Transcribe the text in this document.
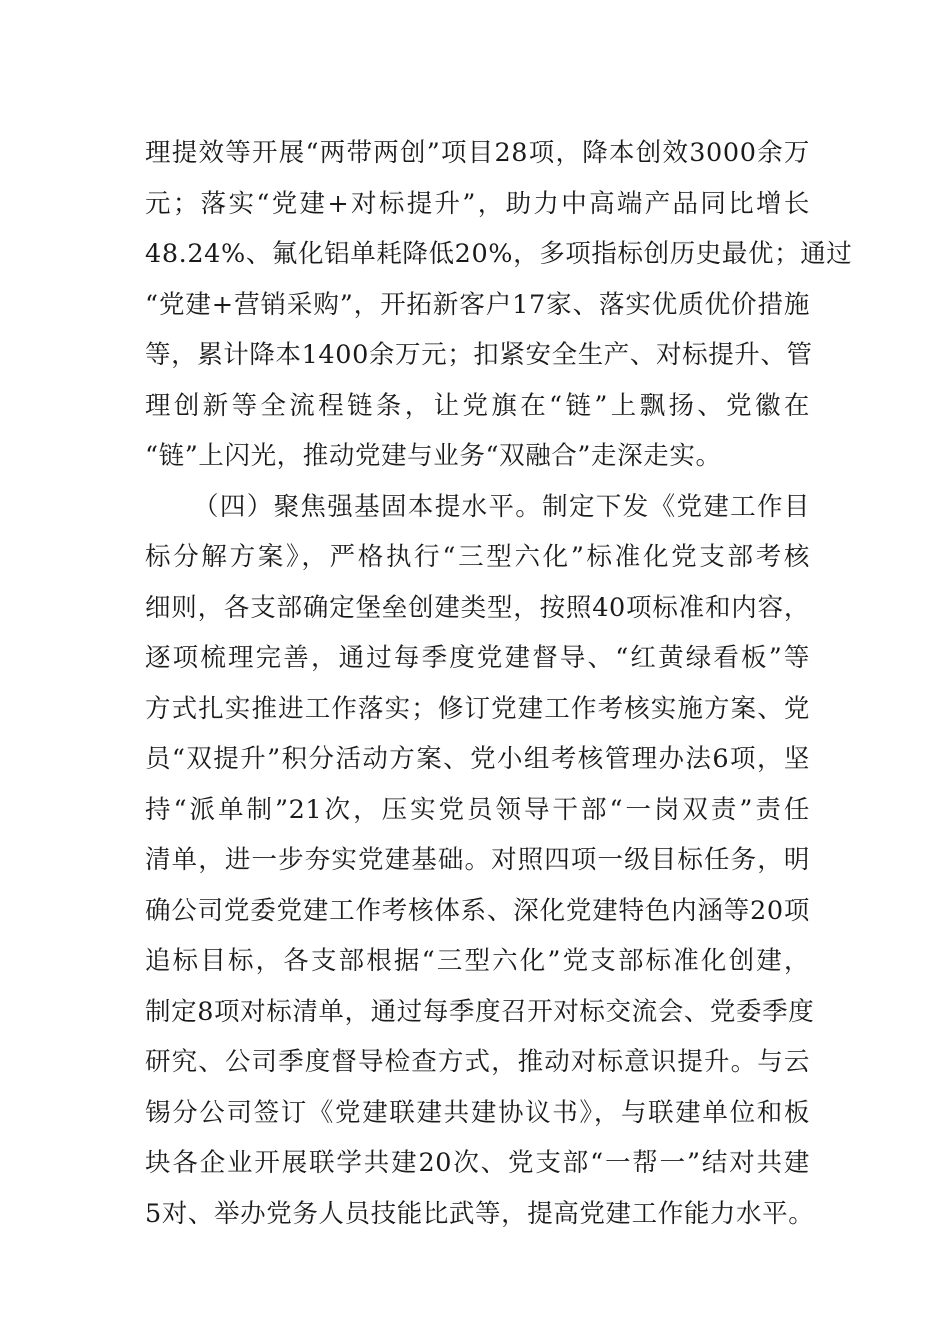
理提效等开展“两带两创”项目28项，降本创效3000余万
元；落实“党建+对标提升”，助力中高端产品同比增长
48.24%、氟化铝单耗降低20%，多项指标创历史最优；通过
“党建+营销采购”，开拓新客户17家、落实优质优价措施
等，累计降本1400余万元；扣紧安全生产、对标提升、管
理创新等全流程链条，让党旗在“链”上飘扬、党徽在
“链”上闪光，推动党建与业务“双融合”走深走实。
（四）聚焦强基固本提水平。制定下发《党建工作目
标分解方案》，严格执行“三型六化”标准化党支部考核
细则，各支部确定堡垒创建类型，按照40项标准和内容，
逐项梳理完善，通过每季度党建督导、“红黄绿看板”等
方式扎实推进工作落实；修订党建工作考核实施方案、党
员“双提升”积分活动方案、党小组考核管理办法6项，坚
持“派单制”21次，压实党员领导干部“一岗双责”责任
清单，进一步夯实党建基础。对照四项一级目标任务，明
确公司党委党建工作考核体系、深化党建特色内涵等20项
追标目标，各支部根据“三型六化”党支部标准化创建，
制定8项对标清单，通过每季度召开对标交流会、党委季度
研究、公司季度督导检查方式，推动对标意识提升。与云
锡分公司签订《党建联建共建协议书》，与联建单位和板
块各企业开展联学共建20次、党支部“一帮一”结对共建
5对、举办党务人员技能比武等，提高党建工作能力水平。
